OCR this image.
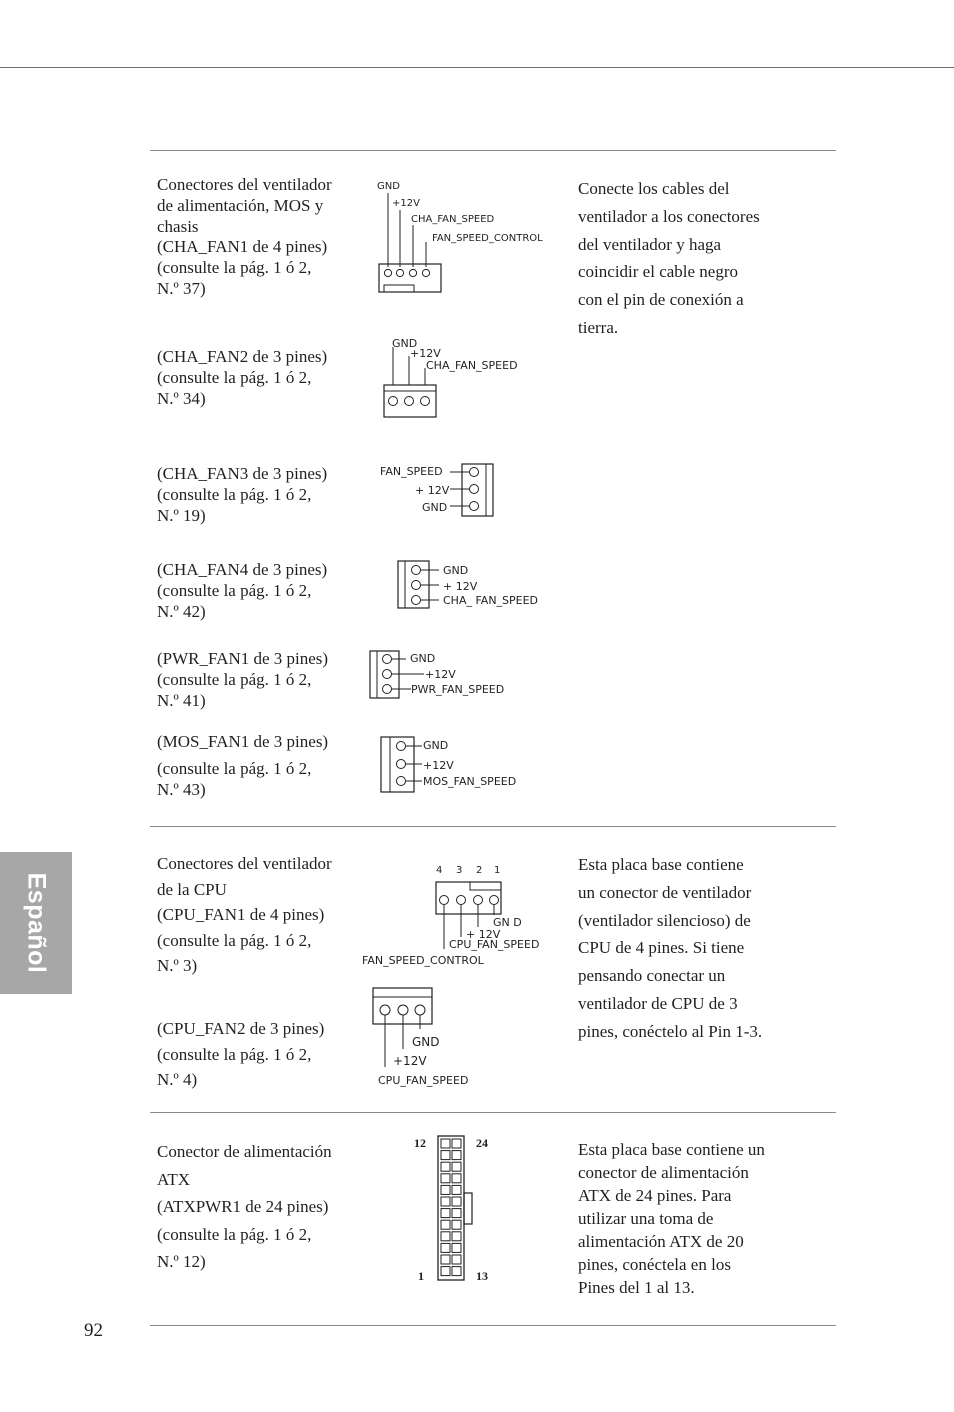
Español
92
Conectores del ventilador
de alimentación, MOS y
chasis
(CHA_FAN1 de 4 pines)
(consulte la pág. 1 ó 2,
N.º 37)
(CHA_FAN2 de 3 pines)
(consulte la pág. 1 ó 2,
N.º 34)
(CHA_FAN3 de 3 pines)
(consulte la pág. 1 ó 2,
N.º 19)
(CHA_FAN4 de 3 pines)
(consulte la pág. 1 ó 2,
N.º 42)
(PWR_FAN1 de 3 pines)
(consulte la pág. 1 ó 2,
N.º 41)
(MOS_FAN1 de 3 pines)
(consulte la pág. 1 ó 2,
N.º 43)
Conecte los cables del
ventilador a los conectores
del ventilador y haga
coincidir el cable negro
con el pin de conexión a
tierra.
GND
+12V
CHA_FAN_SPEED
FAN_SPEED_CONTROL
GND
+12V
CHA_FAN_SPEED
FAN_SPEED
+ 12V
GND
GND
+ 12V
CHA_ FAN_SPEED
GND
+12V
PWR_FAN_SPEED
GND
+12V
MOS_FAN_SPEED
Conectores del ventilador
de la CPU
(CPU_FAN1 de 4 pines)
(consulte la pág. 1 ó 2,
N.º 3)
(CPU_FAN2 de 3 pines)
(consulte la pág. 1 ó 2,
N.º 4)
Esta placa base contiene
un conector de ventilador
(ventilador silencioso) de
CPU de 4 pines. Si tiene
pensando conectar un
ventilador de CPU de 3
pines, conéctelo al Pin 1-3.
4 3 2 1
GN D
+ 12V
CPU_FAN_SPEED
FAN_SPEED_CONTROL
GND
+12V
CPU_FAN_SPEED
Conector de alimentación
ATX
(ATXPWR1 de 24 pines)
(consulte la pág. 1 ó 2,
N.º 12)
Esta placa base contiene un
conector de alimentación
ATX de 24 pines. Para
utilizar una toma de
alimentación ATX de 20
pines, conéctela en los
Pines del 1 al 13.
12	24
1	13
